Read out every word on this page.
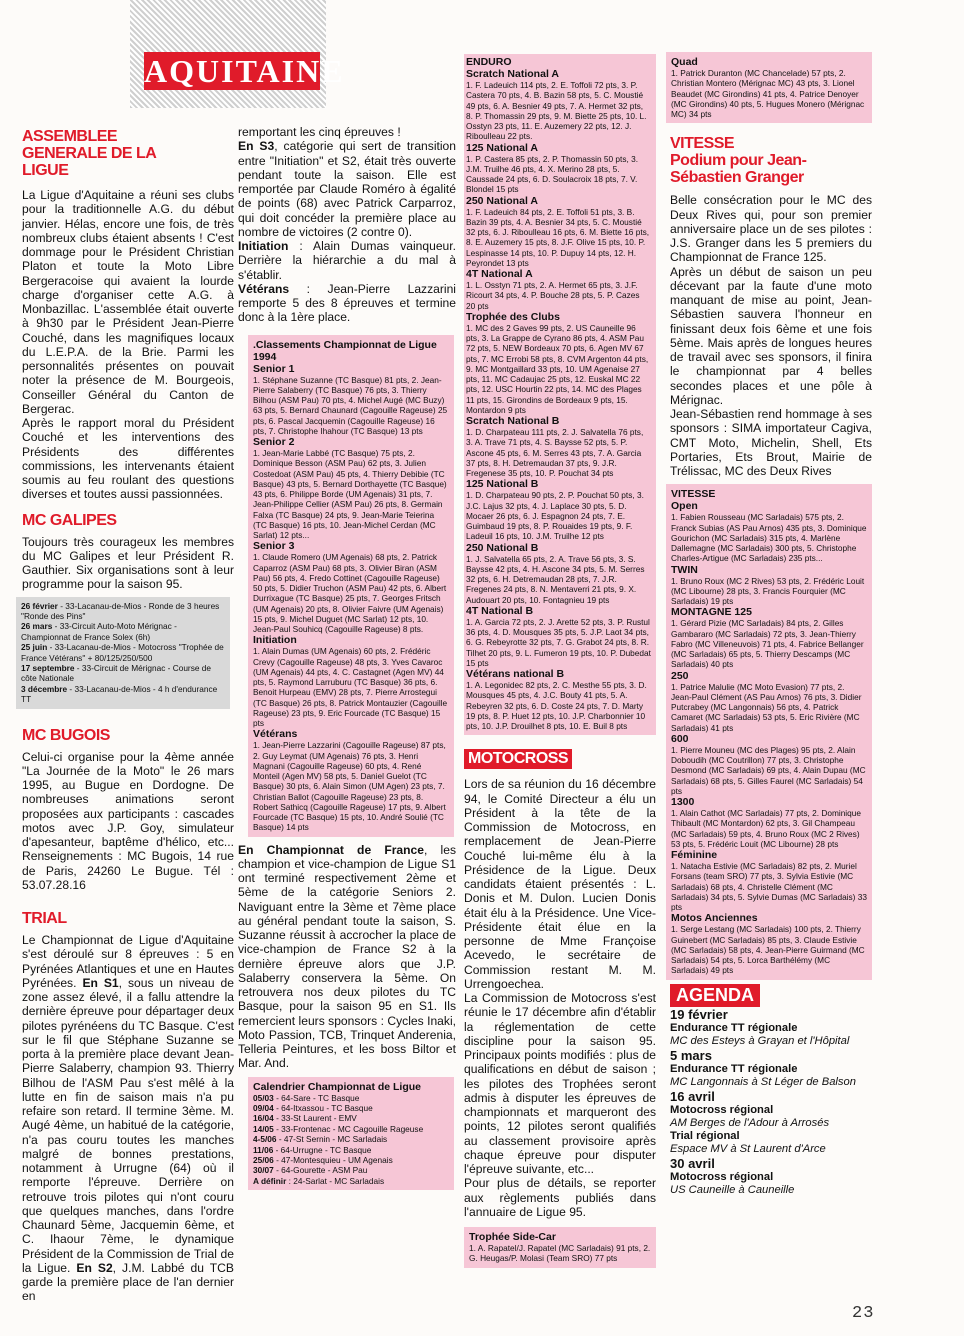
AQUITAINE
ASSEMBLEE GENERALE DE LA LIGUE

La Ligue d'Aquitaine a réuni ses clubs pour la traditionnelle A.G. du début janvier. Hélas, encore une fois, de très nombreux clubs étaient absents ! C'est dommage pour le Président Christian Platon et toute la Moto Libre Bergeracoise qui avaient la lourde charge d'organiser cette A.G. à Monbazillac. L'assemblée était ouverte à 9h30 par le Président Jean-Pierre Couché, dans les magnifiques locaux du L.E.P.A. de la Brie. Parmi les personnalités présentes on pouvait noter la présence de M. Bourgeois, Conseiller Général du Canton de Bergerac.

Après le rapport moral du Président Couché et les interventions des Présidents des différentes commissions, les intervenants étaient soumis au feu roulant des questions diverses et toutes aussi passionnées.

MC GALIPES

Toujours très courageux les membres du MC Galipes et leur Président R. Gauthier. Six organisations sont à leur programme pour la saison 95.

26 février - 33-Lacanau-de-Mios - Ronde de 3 heures "Ronde des Pins"

26 mars - 33-Circuit Auto-Moto Mérignac - Championnat de France Solex (6h)

25 juin - 33-Lacanau-de-Mios - Motocross "Trophée de France Vétérans" + 80/125/250/500

17 septembre - 33-Circuit de Mérignac - Course de côte Nationale

3 décembre - 33-Lacanau-de-Mios - 4 h d'endurance TT

MC BUGOIS

Celui-ci organise pour la 4ème année "La Journée de la Moto" le 26 mars 1995, au Bugue en Dordogne. De nombreuses animations seront proposées aux participants : cascades motos avec J.P. Goy, simulateur d'apesanteur, baptême d'hélico, etc... Renseignements : MC Bugois, 14 rue de Paris, 24260 Le Bugue. Tél : 53.07.28.16

TRIAL

Le Championnat de Ligue d'Aquitaine s'est déroulé sur 8 épreuves : 5 en Pyrénées Atlantiques et une en Hautes Pyrénées. En S1, sous un niveau de zone assez élevé, il a fallu attendre la dernière épreuve pour départager deux pilotes pyrénéens du TC Basque. C'est sur le fil que Stéphane Suzanne se porta à la première place devant Jean-Pierre Salaberry, champion 93. Thierry Bilhou de l'ASM Pau s'est mêlé à la lutte en fin de saison mais n'a pu refaire son retard. Il termine 3ème. M. Augé 4ème, un habitué de la catégorie, n'a pas couru toutes les manches malgré de bonnes prestations, notamment à Urrugne (64) où il remporte l'épreuve. Derrière on retrouve trois pilotes qui n'ont couru que quelques manches, dans l'ordre Chaunard 5ème, Jacquemin 6ème, et C. Ihaour 7ème, le dynamique Président de la Commission de Trial de la Ligue. En S2, J.M. Labbé du TCB garde la première place de l'an dernier en

remportant les cinq épreuves !
En S3, catégorie qui sert de transition entre "Initiation" et S2, était très ouverte pendant toute la saison. Elle est remportée par Claude Roméro à égalité de points (68) avec Patrick Carparroz, qui doit concéder la première place au nombre de victoires (2 contre 0).
Initiation : Alain Dumas vainqueur. Derrière la hiérarchie a du mal à s'établir.
Vétérans : Jean-Pierre Lazzarini remporte 5 des 8 épreuves et termine donc à la 1ère place.

.Classements Championnat de Ligue 1994
Senior 1

1. Stéphane Suzanne (TC Basque) 81 pts, 2. Jean-Pierre Salaberry (TC Basque) 76 pts, 3. Thierry Bilhou (ASM Pau) 70 pts, 4. Michel Augé (MC Buzy) 63 pts, 5. Bernard Chaunard (Cagouille Rageuse) 25 pts, 6. Pascal Jacquemin (Cagouille Rageuse) 16 pts, 7. Christophe Ihahour (TC Basque) 13 pts

Senior 2

1. Jean-Marie Labbé (TC Basque) 75 pts, 2. Dominique Besson (ASM Pau) 62 pts, 3. Julien Costedoat (ASM Pau) 45 pts, 4. Thierry Debibie (TC Basque) 43 pts, 5. Bernard Dorthayette (TC Basque) 43 pts, 6. Philippe Borde (UM Agenais) 31 pts, 7. Jean-Philippe Cellier (ASM Pau) 26 pts, 8. Germain Falxa (TC Basque) 24 pts, 9. Jean-Marie Teierina (TC Basque) 16 pts, 10. Jean-Michel Cerdan (MC Sarlat) 12 pts...

Senior 3

1. Claude Romero (UM Agenais) 68 pts, 2. Patrick Caparroz (ASM Pau) 68 pts, 3. Olivier Biran (ASM Pau) 56 pts, 4. Fredo Cottinet (Cagouille Rageuse) 50 pts, 5. Didier Truchon (ASM Pau) 42 pts, 6. Albert Durrixague (TC Basque) 25 pts, 7. Georges Fritsch (UM Agenais) 20 pts, 8. Olivier Faivre (UM Agenais) 15 pts, 9. Michel Duguet (MC Sarlat) 12 pts, 10. Jean-Paul Souhicq (Cagouille Rageuse) 8 pts.

Initiation

1. Alain Dumas (UM Agenais) 60 pts, 2. Frédéric Crevy (Cagouille Rageuse) 48 pts, 3. Yves Cavaroc (UM Agenais) 44 pts, 4. C. Castagnet (Agen MV) 44 pts, 5. Raymond Larruburu (TC Basque) 36 pts, 6. Benoit Hurpeau (EMV) 28 pts, 7. Pierre Arrostegui (TC Basque) 26 pts, 8. Patrick Montauzier (Cagouille Rageuse) 23 pts, 9. Eric Fourcade (TC Basque) 15 pts

Vétérans

1. Jean-Pierre Lazzarini (Cagouille Rageuse) 87 pts, 2. Guy Leymat (UM Agenais) 76 pts, 3. Henri Magnani (Cagouille Rageuse) 60 pts, 4. René Monteil (Agen MV) 58 pts, 5. Daniel Guelot (TC Basque) 30 pts, 6. Alain Simon (UM Agen) 23 pts, 7. Christian Ballot (Cagouille Rageuse) 23 pts, 8. Robert Sathicq (Cagouille Rageuse) 17 pts, 9. Albert Fourcade (TC Basque) 15 pts, 10. André Soulié (TC Basque) 14 pts

En Championnat de France, les champion et vice-champion de Ligue S1 ont terminé respectivement 2ème et 5ème de la catégorie Seniors 2. Naviguant entre la 3ème et 7ème place au général pendant toute la saison, S. Suzanne réussit à accrocher la place de vice-champion de France S2 à la dernière épreuve alors que J.P. Salaberry conservera la 5ème. On retrouvera nos deux pilotes du TC Basque, pour la saison 95 en S1. Ils remercient leurs sponsors : Cycles Inaki, Moto Passion, TCB, Trinquet Anderenia, Telleria Peintures, et les boss Biltor et Mar. And.

Calendrier Championnat de Ligue

05/03 - 64-Sare - TC Basque

09/04 - 64-Itxassou - TC Basque

16/04 - 33-St Laurent - EMV

14/05 - 33-Frontenac - MC Cagouille Rageuse

4-5/06 - 47-St Sernin - MC Sarladais

11/06 - 64-Urrugne - TC Basque

25/06 - 47-Montesquieu - UM Agenais

30/07 - 64-Gourette - ASM Pau

A définir : 24-Sarlat - MC Sarladais

ENDURO
Scratch National A

1. F. Ladeuich 114 pts, 2. E. Toffoli 72 pts, 3. P. Castera 70 pts, 4. B. Bazin 58 pts, 5. C. Moustié 49 pts, 6. A. Besnier 49 pts, 7. A. Hermet 32 pts, 8. P. Thomassin 29 pts, 9. M. Biette 25 pts, 10. L. Osstyn 23 pts, 11. E. Auzemery 22 pts, 12. J. Riboulleau 22 pts.

125 National A

1. P. Castera 85 pts, 2. P. Thomassin 50 pts, 3. J.M. Truilhe 46 pts, 4. X. Merino 28 pts, 5. Caussade 24 pts, 6. D. Soulacroix 18 pts, 7. V. Blondel 15 pts

250 National A

1. F. Ladeuich 84 pts, 2. E. Toffoli 51 pts, 3. B. Bazin 39 pts, 4. A. Besnier 34 pts, 5. C. Moustié 32 pts, 6. J. Riboulleau 16 pts, 6. M. Biette 16 pts, 8. E. Auzemery 15 pts, 8. J.F. Olive 15 pts, 10. P. Lespinasse 14 pts, 10. P. Dupuy 14 pts, 12. H. Peyrondet 13 pts

4T National A

1. L. Osstyn 71 pts, 2. A. Hermet 65 pts, 3. J.F. Ricourt 34 pts, 4. P. Bouche 28 pts, 5. P. Cazes 20 pts

Trophée des Clubs

1. MC des 2 Gaves 99 pts, 2. US Cauneille 96 pts, 3. La Grappe de Cyrano 86 pts, 4. ASM Pau 72 pts, 5. NEW Bordeaux 70 pts, 6. Agen MV 67 pts, 7. MC Errobi 58 pts, 8. CVM Argenton 44 pts, 9. MC Montgaillard 33 pts, 10. UM Agenaise 27 pts, 11. MC Cadaujac 25 pts, 12. Euskal MC 22 pts, 12. USC Hourtin 22 pts, 14. MC des Plages 11 pts, 15. Girondins de Bordeaux 9 pts, 15. Montardon 9 pts

Scratch National B

1. D. Charpateau 111 pts, 2. J. Salvatella 76 pts, 3. A. Trave 71 pts, 4. S. Baysse 52 pts, 5. P. Ascone 45 pts, 6. M. Serres 43 pts, 7. A. Garcia 37 pts, 8. H. Detremaudan 37 pts, 9. J.R. Fregenese 35 pts, 10. P. Pouchat 34 pts

125 National B

1. D. Charpateau 90 pts, 2. P. Pouchat 50 pts, 3. J.C. Lajus 32 pts, 4. J. Laplace 30 pts, 5. D. Mocaer 26 pts, 6. J. Espagnon 24 pts, 7. E. Guimbaud 19 pts, 8. P. Rouaides 19 pts, 9. F. Ladeuil 16 pts, 10. J.M. Truilhe 12 pts

250 National B

1. J. Salvatella 65 pts, 2. A. Trave 56 pts, 3. S. Baysse 42 pts, 4. H. Ascone 34 pts, 5. M. Serres 32 pts, 6. H. Detremaudan 28 pts, 7. J.R. Fregenes 24 pts, 8. N. Mentaverri 21 pts, 9. X. Audouart 20 pts, 10. Fontagnieu 19 pts

4T National B

1. A. Garcia 72 pts, 2. J. Arette 52 pts, 3. P. Rustul 36 pts, 4. D. Mousques 35 pts, 5. J.P. Laot 34 pts, 6. G. Rebeyrotte 32 pts, 7. G. Grabot 24 pts, 8. R. Tilhet 20 pts, 9. L. Fumeron 19 pts, 10. P. Dubedat 15 pts

Vétérans national B

1. A. Legonidec 82 pts, 2. C. Mesthe 55 pts, 3. D. Mousques 45 pts, 4. J.C. Bouty 41 pts, 5. A. Rebeyren 32 pts, 6. D. Coste 24 pts, 7. D. Marty 19 pts, 8. P. Huet 12 pts, 10. J.P. Charbonnier 10 pts, 10. J.P. Drouilhet 8 pts, 10. E. Buil 8 pts

MOTOCROSS

Lors de sa réunion du 16 décembre 94, le Comité Directeur a élu un Président à la tête de la Commission de Motocross, en remplacement de Jean-Pierre Couché lui-même élu à la Présidence de la Ligue. Deux candidats étaient présentés : L. Donis et M. Dulon. Lucien Donis était élu à la Présidence. Une Vice-Présidente était élue en la personne de Mme Françoise Acevedo, le secrétaire de Commission restant M. M. Urrengoechea.

La Commission de Motocross s'est réunie le 17 décembre afin d'établir la réglementation de cette discipline pour la saison 95. Principaux points modifiés : plus de qualifications en début de saison ; les pilotes des Trophées seront admis à disputer les épreuves de championnats et marqueront des points, 12 pilotes seront qualifiés au classement provisoire après chaque épreuve pour disputer l'épreuve suivante, etc...

Pour plus de détails, se reporter aux règlements publiés dans l'annuaire de Ligue 95.

Trophée Side-Car

1. A. Rapatel/J. Rapatel (MC Sarladais) 91 pts, 2. G. Heugas/P. Molasi (Team SRO) 77 pts

Quad

1. Patrick Duranton (MC Chancelade) 57 pts, 2. Christian Montero (Mérignac MC) 43 pts, 3. Lionel Beaudet (MC Girondins) 41 pts, 4. Patrice Denoyer (MC Girondins) 40 pts, 5. Hugues Monero (Mérignac MC) 34 pts

VITESSE
Podium pour Jean-Sébastien Granger

Belle consécration pour le MC des Deux Rives qui, pour son premier anniversaire place un de ses pilotes : J.S. Granger dans les 5 premiers du Championnat de France 125.

Après un début de saison un peu décevant par la faute d'une moto manquant de mise au point, Jean-Sébastien sauvera l'honneur en finissant deux fois 6ème et une fois 5ème. Mais après de longues heures de travail avec ses sponsors, il finira le championnat par 4 belles secondes places et une pôle à Mérignac.

Jean-Sébastien rend hommage à ses sponsors : SIMA importateur Cagiva, CMT Moto, Michelin, Shell, Ets Portaries, Ets Brout, Mairie de Trélissac, MC des Deux Rives

VITESSE
Open

1. Fabien Rousseau (MC Sarladais) 575 pts, 2. Franck Subias (AS Pau Arnos) 435 pts, 3. Dominique Gourichon (MC Sarladais) 315 pts, 4. Marlène Dallemagne (MC Sarladais) 300 pts, 5. Christophe Charles-Artigue (MC Sarladais) 235 pts...

TWIN

1. Bruno Roux (MC 2 Rives) 53 pts, 2. Frédéric Louit (MC Libourne) 28 pts, 3. Francis Fourquier (MC Sarladais) 19 pts

MONTAGNE 125

1. Gérard Pizie (MC Sarladais) 84 pts, 2. Gilles Gambararo (MC Sarladais) 72 pts, 3. Jean-Thierry Fabro (MC Villeneuvois) 71 pts, 4. Fabrice Bellanger (MC Sarladais) 65 pts, 5. Thierry Descamps (MC Sarladais) 40 pts

250

1. Patrice Malulie (MC Moto Evasion) 77 pts, 2. Jean-Paul Clément (AS Pau Arnos) 76 pts, 3. Didier Putcrabey (MC Langonnais) 56 pts, 4. Patrick Camaret (MC Sarladais) 53 pts, 5. Eric Rivière (MC Sarladais) 41 pts

600

1. Pierre Mouneu (MC des Plages) 95 pts, 2. Alain Doboudih (MC Coutrillon) 77 pts, 3. Christophe Desmond (MC Sarladais) 69 pts, 4. Alain Dupau (MC Sarladais) 68 pts, 5. Gilles Faurel (MC Sarladais) 54 pts

1300

1. Alain Cathot (MC Sarladais) 77 pts, 2. Dominique Thibault (MC Montardon) 62 pts, 3. Gil Champeau (MC Sarladais) 59 pts, 4. Bruno Roux (MC 2 Rives) 53 pts, 5. Frédéric Louit (MC Libourne) 28 pts

Féminine

1. Natacha Estivie (MC Sarladais) 82 pts, 2. Muriel Forsans (team SRO) 77 pts, 3. Sylvia Estivie (MC Sarladais) 68 pts, 4. Christelle Clément (MC Sarladais) 34 pts, 5. Sylvie Dumas (MC Sarladais) 33 pts

Motos Anciennes

1. Serge Lestang (MC Sarladais) 100 pts, 2. Thierry Guinebert (MC Sarladais) 85 pts, 3. Claude Estivie (MC Sarladais) 58 pts, 4. Jean-Pierre Guirmand (MC Sarladais) 54 pts, 5. Lorca Barthélémy (MC Sarladais) 49 pts

AGENDA
19 février
Endurance TT régionale
MC des Esteys à Grayan et l'Hôpital
5 mars
Endurance TT régionale
MC Langonnais à St Léger de Balson
16 avril
Motocross régional
AM Berges de l'Adour à Arrosés
Trial régional
Espace MV à St Laurent d'Arce
30 avril
Motocross régional
US Cauneille à Cauneille
23
